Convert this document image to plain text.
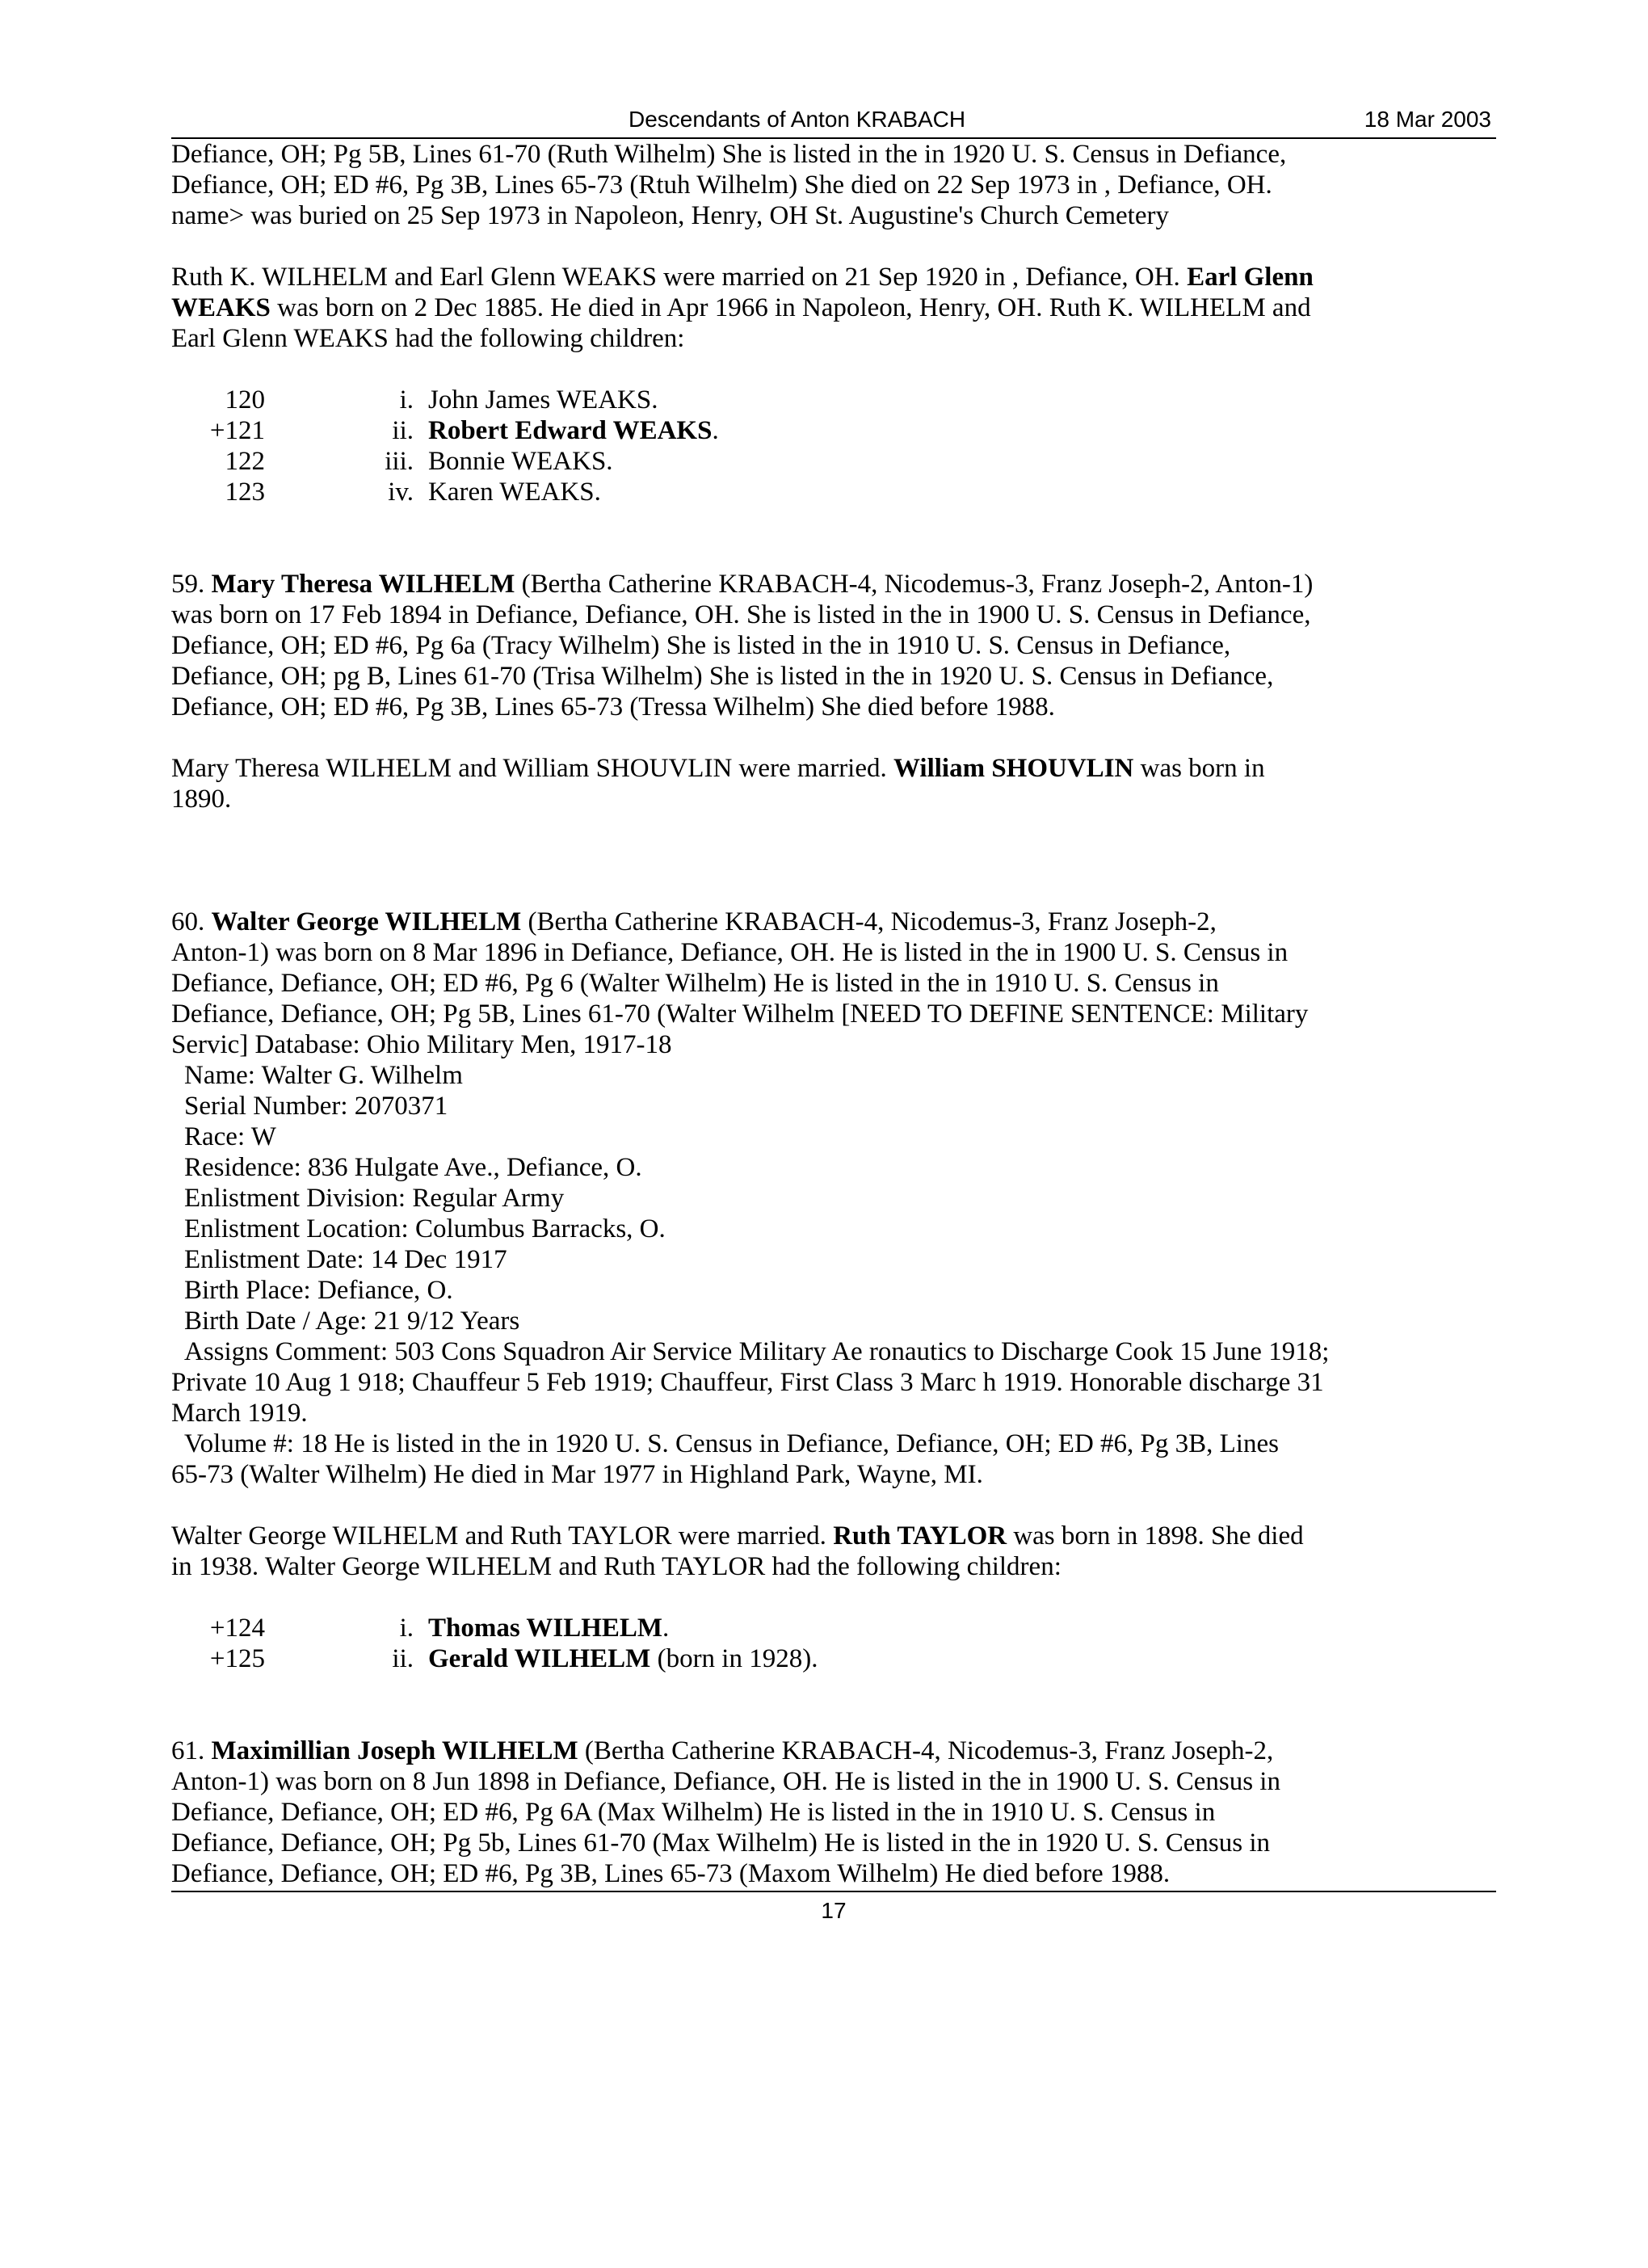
Descendants of Anton KRABACH	18 Mar 2003

Defiance, OH; Pg 5B, Lines 61-70 (Ruth Wilhelm) She is listed in the in 1920 U. S. Census in Defiance,

Defiance, OH; ED #6, Pg 3B, Lines 65-73 (Rtuh Wilhelm) She died on 22 Sep 1973 in , Defiance, OH.

name> was buried on 25 Sep 1973 in Napoleon, Henry, OH St. Augustine's Church Cemetery

Ruth K. WILHELM and Earl Glenn WEAKS were married on 21 Sep 1920 in , Defiance, OH. Earl Glenn

WEAKS was born on 2 Dec 1885. He died in Apr 1966 in Napoleon, Henry, OH. Ruth K. WILHELM and

Earl Glenn WEAKS had the following children:

120	i. John James WEAKS.
+121	ii. Robert Edward WEAKS.
122	iii. Bonnie WEAKS.
123	iv. Karen WEAKS.

59. Mary Theresa WILHELM (Bertha Catherine KRABACH-4, Nicodemus-3, Franz Joseph-2, Anton-1)

was born on 17 Feb 1894 in Defiance, Defiance, OH. She is listed in the in 1900 U. S. Census in Defiance,

Defiance, OH; ED #6, Pg 6a (Tracy Wilhelm) She is listed in the in 1910 U. S. Census in Defiance,

Defiance, OH; pg B, Lines 61-70 (Trisa Wilhelm) She is listed in the in 1920 U. S. Census in Defiance,

Defiance, OH; ED #6, Pg 3B, Lines 65-73 (Tressa Wilhelm) She died before 1988.

Mary Theresa WILHELM and William SHOUVLIN were married. William SHOUVLIN was born in

1890.

60. Walter George WILHELM (Bertha Catherine KRABACH-4, Nicodemus-3, Franz Joseph-2,

Anton-1) was born on 8 Mar 1896 in Defiance, Defiance, OH. He is listed in the in 1900 U. S. Census in

Defiance, Defiance, OH; ED #6, Pg 6 (Walter Wilhelm) He is listed in the in 1910 U. S. Census in

Defiance, Defiance, OH; Pg 5B, Lines 61-70 (Walter Wilhelm [NEED TO DEFINE SENTENCE: Military

Servic] Database: Ohio Military Men, 1917-18

Name: Walter G. Wilhelm

Serial Number: 2070371

Race: W

Residence: 836 Hulgate Ave., Defiance, O.

Enlistment Division: Regular Army

Enlistment Location: Columbus Barracks, O.

Enlistment Date: 14 Dec 1917

Birth Place: Defiance, O.

Birth Date / Age: 21 9/12 Years

Assigns Comment: 503 Cons Squadron Air Service Military Ae ronautics to Discharge Cook 15 June 1918;

Private 10 Aug 1 918; Chauffeur 5 Feb 1919; Chauffeur, First Class 3 Marc h 1919. Honorable discharge 31

March 1919.

Volume #: 18 He is listed in the in 1920 U. S. Census in Defiance, Defiance, OH; ED #6, Pg 3B, Lines

65-73 (Walter Wilhelm) He died in Mar 1977 in Highland Park, Wayne, MI.

Walter George WILHELM and Ruth TAYLOR were married. Ruth TAYLOR was born in 1898. She died

in 1938. Walter George WILHELM and Ruth TAYLOR had the following children:

+124	i. Thomas WILHELM.
+125	ii. Gerald WILHELM (born in 1928).

61. Maximillian Joseph WILHELM (Bertha Catherine KRABACH-4, Nicodemus-3, Franz Joseph-2,

Anton-1) was born on 8 Jun 1898 in Defiance, Defiance, OH. He is listed in the in 1900 U. S. Census in

Defiance, Defiance, OH; ED #6, Pg 6A (Max Wilhelm) He is listed in the in 1910 U. S. Census in

Defiance, Defiance, OH; Pg 5b, Lines 61-70 (Max Wilhelm) He is listed in the in 1920 U. S. Census in

Defiance, Defiance, OH; ED #6, Pg 3B, Lines 65-73 (Maxom Wilhelm) He died before 1988.

17
